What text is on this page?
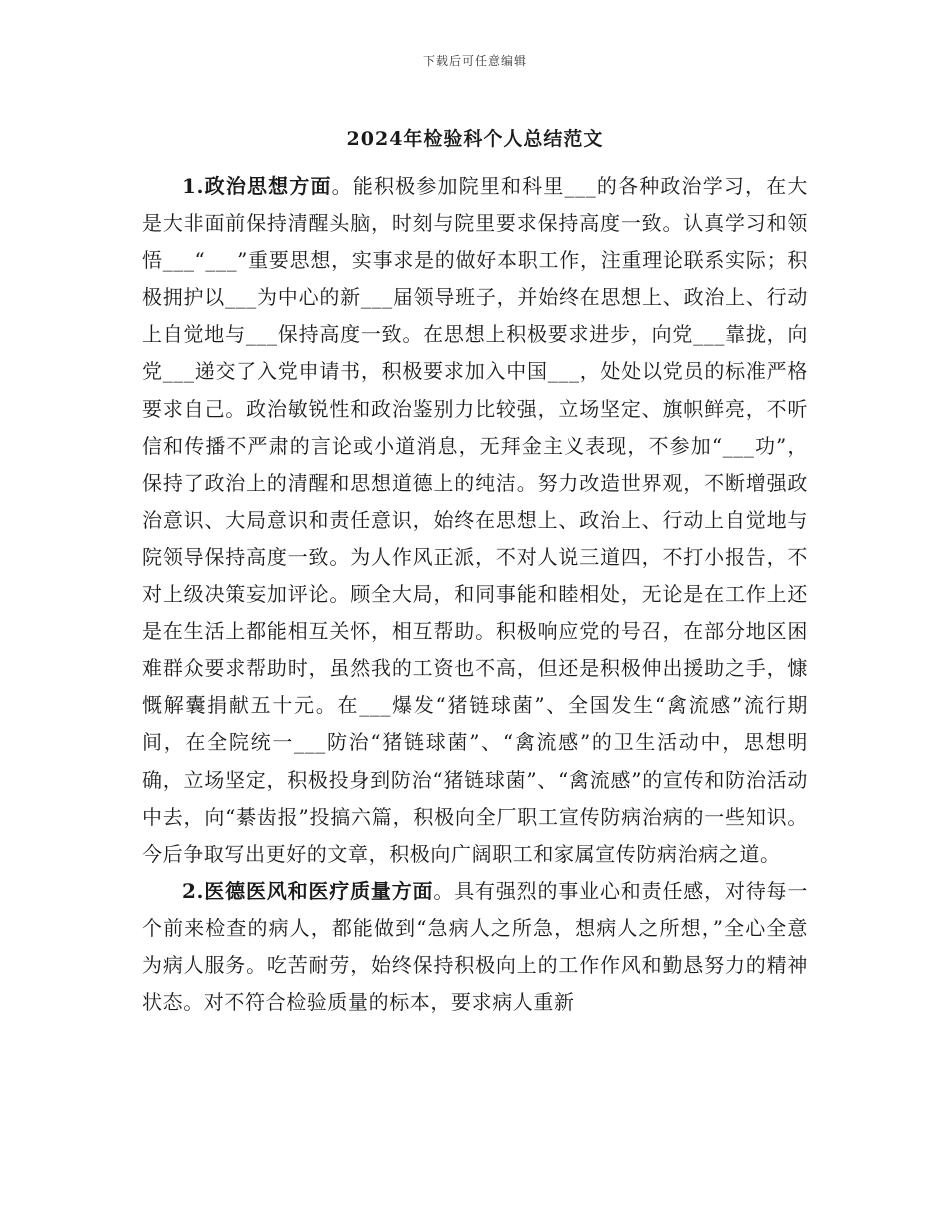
下载后可任意编辑
2024年检验科个人总结范文

1.政治思想方面。能积极参加院里和科里___的各种政治学习，在大是大非面前保持清醒头脑，时刻与院里要求保持高度一致。认真学习和领悟___“___”重要思想，实事求是的做好本职工作，注重理论联系实际；积极拥护以___为中心的新___届领导班子，并始终在思想上、政治上、行动上自觉地与___保持高度一致。在思想上积极要求进步，向党___靠拢，向党___递交了入党申请书，积极要求加入中国___，处处以党员的标准严格要求自己。政治敏锐性和政治鉴别力比较强，立场坚定、旗帜鲜亮，不听信和传播不严肃的言论或小道消息，无拜金主义表现，不参加“___功”，保持了政治上的清醒和思想道德上的纯洁。努力改造世界观，不断增强政治意识、大局意识和责任意识，始终在思想上、政治上、行动上自觉地与院领导保持高度一致。为人作风正派，不对人说三道四，不打小报告，不对上级决策妄加评论。顾全大局，和同事能和睦相处，无论是在工作上还是在生活上都能相互关怀，相互帮助。积极响应党的号召，在部分地区困难群众要求帮助时，虽然我的工资也不高，但还是积极伸出援助之手，慷慨解囊捐献五十元。在___爆发“猪链球菌”、全国发生“禽流感”流行期间，在全院统一___防治“猪链球菌”、“禽流感”的卫生活动中，思想明确，立场坚定，积极投身到防治“猪链球菌”、“禽流感”的宣传和防治活动中去，向“綦齿报”投搞六篇，积极向全厂职工宣传防病治病的一些知识。今后争取写出更好的文章，积极向广阔职工和家属宣传防病治病之道。

2.医德医风和医疗质量方面。具有强烈的事业心和责任感，对待每一个前来检查的病人，都能做到“急病人之所急，想病人之所想，”全心全意为病人服务。吃苦耐劳，始终保持积极向上的工作作风和勤恳努力的精神状态。对不符合检验质量的标本，要求病人重新
